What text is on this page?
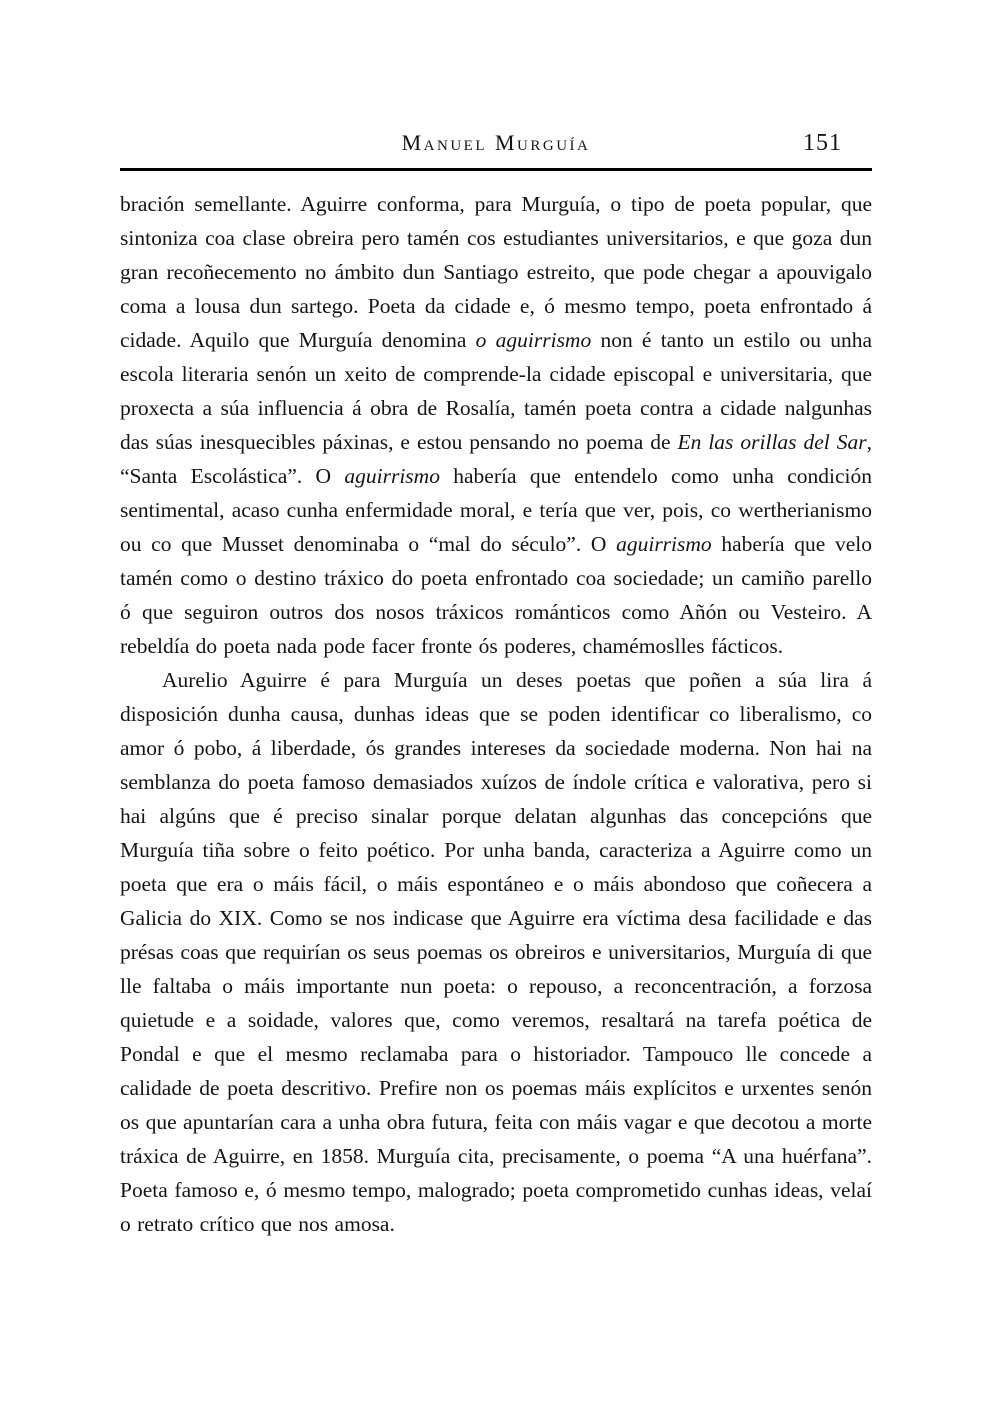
Manuel Murguía	151

bración semellante. Aguirre conforma, para Murguía, o tipo de poeta popular, que sintoniza coa clase obreira pero tamén cos estudiantes universitarios, e que goza dun gran recoñecemento no ámbito dun Santiago estreito, que pode chegar a apouvigalo coma a lousa dun sartego. Poeta da cidade e, ó mesmo tempo, poeta enfrontado á cidade. Aquilo que Murguía denomina o aguirrismo non é tanto un estilo ou unha escola literaria senón un xeito de comprende-la cidade episcopal e universitaria, que proxecta a súa influencia á obra de Rosalía, tamén poeta contra a cidade nalgunhas das súas inesquecibles páxinas, e estou pensando no poema de En las orillas del Sar, “Santa Escolástica”. O aguirrismo habería que entendelo como unha condición sentimental, acaso cunha enfermidade moral, e tería que ver, pois, co wertherianismo ou co que Musset denominaba o “mal do século”. O aguirrismo habería que velo tamén como o destino tráxico do poeta enfrontado coa sociedade; un camiño parello ó que seguiron outros dos nosos tráxicos románticos como Añón ou Vesteiro. A rebeldía do poeta nada pode facer fronte ós poderes, chamémoslles fácticos.

Aurelio Aguirre é para Murguía un deses poetas que poñen a súa lira á disposición dunha causa, dunhas ideas que se poden identificar co liberalismo, co amor ó pobo, á liberdade, ós grandes intereses da sociedade moderna. Non hai na semblanza do poeta famoso demasiados xuízos de índole crítica e valorativa, pero si hai algúns que é preciso sinalar porque delatan algunhas das concepcións que Murguía tiña sobre o feito poético. Por unha banda, caracteriza a Aguirre como un poeta que era o máis fácil, o máis espontáneo e o máis abondoso que coñecera a Galicia do XIX. Como se nos indicase que Aguirre era víctima desa facilidade e das présas coas que requirían os seus poemas os obreiros e universitarios, Murguía di que lle faltaba o máis importante nun poeta: o repouso, a reconcentración, a forzosa quietude e a soidade, valores que, como veremos, resaltará na tarefa poética de Pondal e que el mesmo reclamaba para o historiador. Tampouco lle concede a calidade de poeta descritivo. Prefire non os poemas máis explícitos e urxentes senón os que apuntarían cara a unha obra futura, feita con máis vagar e que decotou a morte tráxica de Aguirre, en 1858. Murguía cita, precisamente, o poema “A una huérfana”. Poeta famoso e, ó mesmo tempo, malogrado; poeta comprometido cunhas ideas, velaí o retrato crítico que nos amosa.
